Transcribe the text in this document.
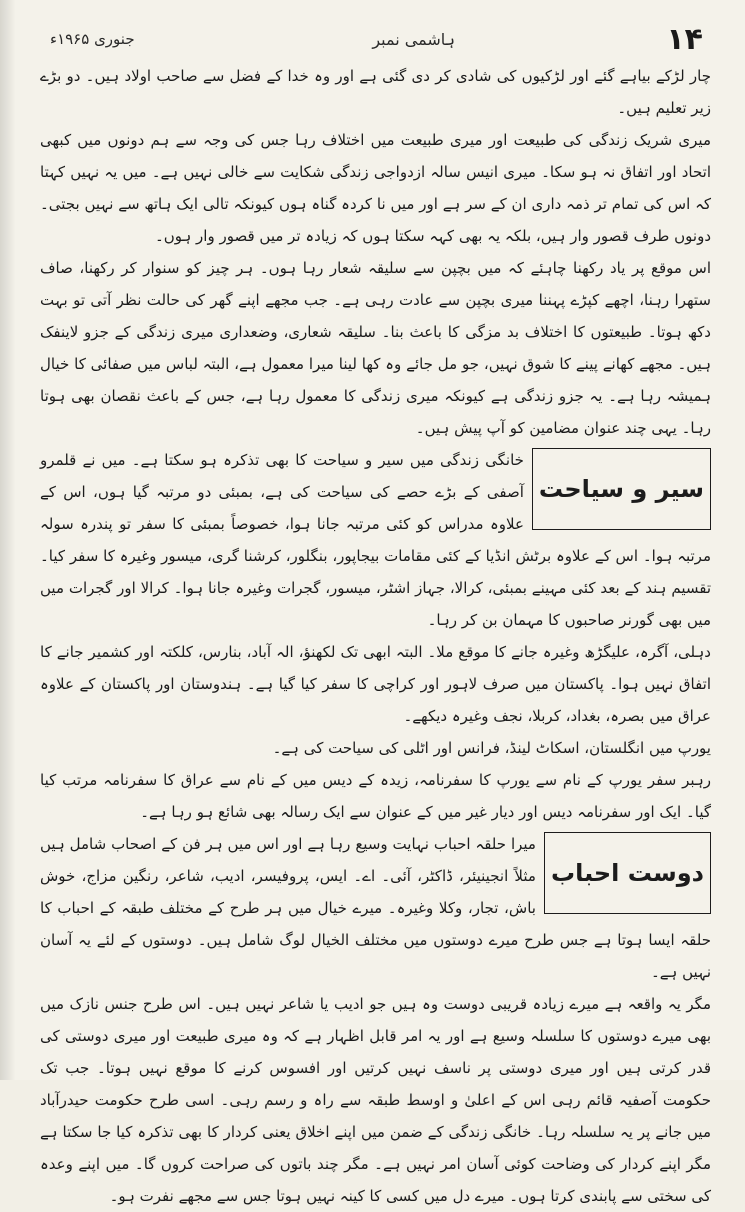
۱۴
ہاشمی نمبر
جنوری ۱۹۶۵ء

چار لڑکے بیاہے گئے اور لڑکیوں کی شادی کر دی گئی ہے اور وہ خدا کے فضل سے صاحب اولاد ہیں۔ دو بڑے زیر تعلیم ہیں۔

میری شریک زندگی کی طبیعت اور میری طبیعت میں اختلاف رہا جس کی وجہ سے ہم دونوں میں کبھی اتحاد اور اتفاق نہ ہو سکا۔ میری انیس سالہ ازدواجی زندگی شکایت سے خالی نہیں ہے۔ میں یہ نہیں کہتا کہ اس کی تمام تر ذمہ داری ان کے سر ہے اور میں نا کردہ گناہ ہوں کیونکہ تالی ایک ہاتھ سے نہیں بجتی۔ دونوں طرف قصور وار ہیں، بلکہ یہ بھی کہہ سکتا ہوں کہ زیادہ تر میں قصور وار ہوں۔

اس موقع پر یاد رکھنا چاہئے کہ میں بچپن سے سلیقہ شعار رہا ہوں۔ ہر چیز کو سنوار کر رکھنا، صاف ستھرا رہنا، اچھے کپڑے پہننا میری بچپن سے عادت رہی ہے۔ جب مجھے اپنے گھر کی حالت نظر آتی تو بہت دکھ ہوتا۔ طبیعتوں کا اختلاف بد مزگی کا باعث بنا۔ سلیقہ شعاری، وضعداری میری زندگی کے جزو لاینفک ہیں۔ مجھے کھانے پینے کا شوق نہیں، جو مل جائے وہ کھا لینا میرا معمول ہے، البتہ لباس میں صفائی کا خیال ہمیشہ رہا ہے۔ یہ جزو زندگی ہے کیونکہ میری زندگی کا معمول رہا ہے، جس کے باعث نقصان بھی ہوتا رہا۔ یہی چند عنوان مضامین کو آپ پیش ہیں۔

سیر و سیاحت

خانگی زندگی میں سیر و سیاحت کا بھی تذکرہ ہو سکتا ہے۔ میں نے قلمرو آصفی کے بڑے حصے کی سیاحت کی ہے، بمبئی دو مرتبہ گیا ہوں، اس کے علاوہ مدراس کو کئی مرتبہ جانا ہوا، خصوصاً بمبئی کا سفر تو پندرہ سولہ مرتبہ ہوا۔ اس کے علاوہ برٹش انڈیا کے کئی مقامات بیجاپور، بنگلور، کرشنا گری، میسور وغیرہ کا سفر کیا۔ تقسیم ہند کے بعد کئی مہینے بمبئی، کرالا، جہاز اشٹر، میسور، گجرات وغیرہ جانا ہوا۔ کرالا اور گجرات میں میں بھی گورنر صاحبوں کا مہمان بن کر رہا۔

دہلی، آگرہ، علیگڑھ وغیرہ جانے کا موقع ملا۔ البتہ ابھی تک لکھنؤ، الہ آباد، بنارس، کلکتہ اور کشمیر جانے کا اتفاق نہیں ہوا۔ پاکستان میں صرف لاہور اور کراچی کا سفر کیا گیا ہے۔ ہندوستان اور پاکستان کے علاوہ عراق میں بصرہ، بغداد، کربلا، نجف وغیرہ دیکھے۔

یورپ میں انگلستان، اسکاٹ لینڈ، فرانس اور اٹلی کی سیاحت کی ہے۔

رہبر سفر یورپ کے نام سے یورپ کا سفرنامہ، زیدہ کے دیس میں کے نام سے عراق کا سفرنامہ مرتب کیا گیا۔ ایک اور سفرنامہ دیس اور دیار غیر میں کے عنوان سے ایک رسالہ بھی شائع ہو رہا ہے۔

دوست احباب

میرا حلقہ احباب نہایت وسیع رہا ہے اور اس میں ہر فن کے اصحاب شامل ہیں مثلاً انجینیئر، ڈاکٹر، آئی۔ اے۔ ایس، پروفیسر، ادیب، شاعر، رنگین مزاج، خوش باش، تجار، وکلا وغیرہ۔ میرے خیال میں ہر طرح کے مختلف طبقہ کے احباب کا حلقہ ایسا ہوتا ہے جس طرح میرے دوستوں میں مختلف الخیال لوگ شامل ہیں۔ دوستوں کے لئے یہ آسان نہیں ہے۔

مگر یہ واقعہ ہے میرے زیادہ قریبی دوست وہ ہیں جو ادیب یا شاعر نہیں ہیں۔ اس طرح جنس نازک میں بھی میرے دوستوں کا سلسلہ وسیع ہے اور یہ امر قابل اظہار ہے کہ وہ میری طبیعت اور میری دوستی کی قدر کرتی ہیں اور میری دوستی پر ناسف نہیں کرتیں اور افسوس کرنے کا موقع نہیں ہوتا۔ جب تک حکومت آصفیہ قائم رہی اس کے اعلیٰ و اوسط طبقہ سے راہ و رسم رہی۔ اسی طرح حکومت حیدرآباد میں جانے پر یہ سلسلہ رہا۔ خانگی زندگی کے ضمن میں اپنے اخلاق یعنی کردار کا بھی تذکرہ کیا جا سکتا ہے مگر اپنے کردار کی وضاحت کوئی آسان امر نہیں ہے۔ مگر چند باتوں کی صراحت کروں گا۔ میں اپنے وعدہ کی سختی سے پابندی کرتا ہوں۔ میرے دل میں کسی کا کینہ نہیں ہوتا جس سے مجھے نفرت ہو۔
